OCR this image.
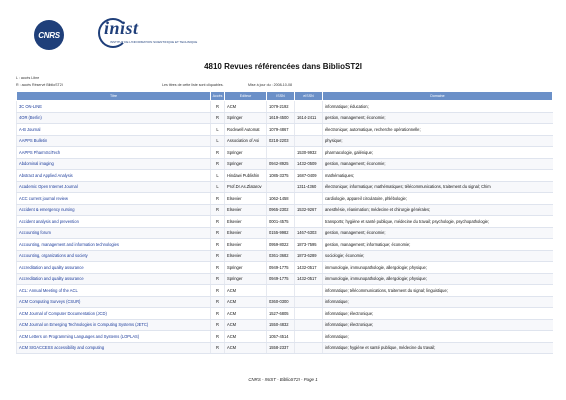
CNRS inist
INSTITUT DE L'INFORMATION SCIENTIFIQUE ET TECHNIQUE
4810 Revues référencées dans BiblioST2I
L : accès Libre
R : accès Réservé BiblioST2I	Les titres de cette liste sont cliquables.	Mise à jour du : 2008-10-08
Titre	Accès	Editeur	ISSN	eISSN	Domaine
3C ON-LINE	R	ACM	1079-2192		informatique; éducation;
4OR (Berlin)	R	Springer	1619-4500	1614-2411	gestion, management; économie;
A-B Journal	L	Rockwell Automat	1079-4867		électronique; automatique, recherche opérationnelle;
AAPPS Bulletin	L	Association of Asi	0218-2203		physique;
AAPPS PharmSciTech	R	Springer		1530-9932	pharmacologie, galénique;
Abdominal imaging	R	Springer	0942-8925	1432-0509	gestion, management; économie;
Abstract and Applied Analysis	L	Hindawi Publishin	1085-3375	1687-0409	mathématiques;
Academic Open Internet Journal	L	Prof.Dr.As.Zlatarov		1311-4360	électronique; informatique; mathématiques; télécommunications, traitement du signal; Chim
ACC current journal review	R	Elsevier	1062-1458		cardiologie, appareil circulatoire, phlébologie;
Accident & emergency nursing	R	Elsevier	0965-2302	1532-9267	anesthésie, réanimation; médecine et chirurgie générales;
Accident analysis and prevention	R	Elsevier	0001-4575		transports; hygiène et santé publique, médecine du travail; psychologie, psychopathologie;
Accounting forum	R	Elsevier	0155-9982	1467-6303	gestion, management; économie;
Accounting, management and information technologies	R	Elsevier	0959-8022	1873-7595	gestion, management; informatique; économie;
Accounting, organizations and society	R	Elsevier	0361-3682	1873-6289	sociologie; économie;
Accreditation and quality assurance	R	Springer	0949-1775	1432-0517	immunologie, immunopathologie, allergologie; physique;
Accreditation and quality assurance	R	Springer	0949-1775	1432-0517	immunologie, immunopathologie, allergologie; physique;
ACL: Annual Meeting of the ACL	R	ACM			informatique; télécommunications, traitement du signal; linguistique;
ACM Computing Surveys (CSUR)	R	ACM	0360-0300		informatique;
ACM Journal of Computer Documentation (JCD)	R	ACM	1527-6805		informatique; électronique;
ACM Journal on Emerging Technologies in Computing Systems (JETC)	R	ACM	1550-4832		informatique; électronique;
ACM Letters on Programming Languages and Systems (LOPLAS)	R	ACM	1057-4514		informatique;
ACM SIGACCESS accessibility and computing	R	ACM	1558-2337		informatique; hygiène et santé publique, médecine du travail;
CNRS - INIST - BiblioST2I - Page 1
